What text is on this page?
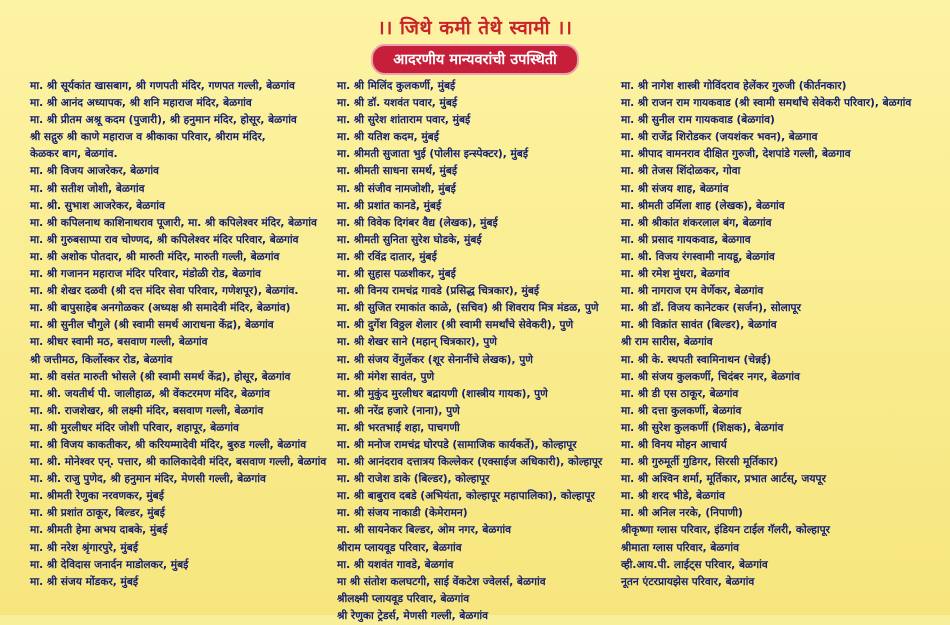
।। जिथे कमी तेथे स्वामी ।।
आदरणीय मान्यवरांची उपस्थिती
मा. श्री सूर्यकांत खासबाग, श्री गणपती मंदिर, गणपत गल्ली, बेळगांव
मा. श्री आनंद अध्यापक, श्री शनि महाराज मंदिर, बेळगांव
मा. श्री प्रीतम अश्रू कदम (पुजारी), श्री हनुमान मंदिर, होसूर, बेळगांव
श्री सद्गुरु श्री काणे महाराज व श्रीकाका परिवार, श्रीराम मंदिर,
केळकर बाग, बेळगांव.
मा. श्री विजय आजरेकर, बेळगांव
मा. श्री सतीश जोशी, बेळगांव
मा. श्री. सुभाश आजरेकर, बेळगांव
मा. श्री कपिलनाथ काशिनाथराव पूजारी, मा. श्री कपिलेश्वर मंदिर, बेळगांव
मा. श्री गुरुबसाप्पा राव चोण्णद, श्री कपिलेश्वर मंदिर परिवार, बेळगांव
मा. श्री अशोक पोतदार, श्री मारुती मंदिर, मारुती गल्ली, बेळगांव
मा. श्री गजानन महाराज मंदिर परिवार, मंडोळी रोड, बेळगांव
मा. श्री शेखर दळवी (श्री दत्त मंदिर सेवा परिवार, गणेशपूर), बेळगांव.
मा. श्री बापुसाहेब अनगोळकर (अध्यक्ष श्री समादेवी मंदिर, बेळगांव)
मा. श्री सुनील चौगुले (श्री स्वामी समर्थ आराधना केंद्र), बेळगांव
मा. श्रीधर स्वामी मठ, बसवाण गल्ली, बेळगांव
श्री जत्तीमठ, किर्लोस्कर रोड, बेळगांव
मा. श्री वसंत मारुती भोसले (श्री स्वामी समर्थ केंद्र), होसूर, बेळगांव
मा. श्री. जयतीर्थ पी. जालीहाळ, श्री वेंकटरमण मंदिर, बेळगांव
मा. श्री. राजशेखर, श्री लक्ष्मी मंदिर, बसवाण गल्ली, बेळगांव
मा. श्री मुरलीधर मंदिर जोशी परिवार, शहापूर, बेळगांव
मा. श्री विजय काकतीकर, श्री करियम्मादेवी मंदिर, बुरुड गल्ली, बेळगांव
मा. श्री. मोनेश्वर एन्. पत्तार, श्री कालिकादेवी मंदिर, बसवाण गल्ली, बेळगांव
मा. श्री. राजु पुणेद, श्री हनुमान मंदिर, मेणसी गल्ली, बेळगांव
मा. श्रीमती रेणुका नरवणकर, मुंबई
मा. श्री प्रशांत ठाकूर, बिल्डर, मुंबई
मा. श्रीमती हेमा अभय दाबके, मुंबई
मा. श्री नरेश श्रृंगारपुरे, मुंबई
मा. श्री देविदास जनार्दन माडोलकर, मुंबई
मा. श्री संजय मोंडकर, मुंबई
मा. श्री मिलिंद कुलकर्णी, मुंबई
मा. श्री डॉ. यशवंत पवार, मुंबई
मा. श्री सुरेश शांताराम पवार, मुंबई
मा. श्री यतिश कदम, मुंबई
मा. श्रीमती सुजाता भुई (पोलीस इन्स्पेक्टर), मुंबई
मा. श्रीमती साधना समर्थ, मुंबई
मा. श्री संजीव नामजोशी, मुंबई
मा. श्री प्रशांत कानडे, मुंबई
मा. श्री विवेक दिगंबर वैद्य (लेखक), मुंबई
मा. श्रीमती सुनिता सुरेश घोडके, मुंबई
मा. श्री रविंद्र दातार, मुंबई
मा. श्री सुहास पळशीकर, मुंबई
मा. श्री विनय रामचंद्र गावडे (प्रसिद्ध चित्रकार), मुंबई
मा. श्री सुजित रमाकांत काळे, (सचिव) श्री शिवराय मित्र मंडळ, पुणे
मा. श्री दुर्गेश विठ्ठल शेलार (श्री स्वामी समर्थांचे सेवेकरी), पुणे
मा. श्री शेखर साने (महान् चित्रकार), पुणे
मा. श्री संजय वेंगुर्लेकर (शूर सेनानींचे लेखक), पुणे
मा. श्री मंगेश सावंत, पुणे
मा. श्री मुकुंद मुरलीधर बद्रायणी (शास्त्रीय गायक), पुणे
मा. श्री नरेंद्र हजारे (नाना), पुणे
मा. श्री भरतभाई शहा, पाचगणी
मा. श्री मनोज रामचंद्र घोरपडे (सामाजिक कार्यकर्ते), कोल्हापूर
मा. श्री आनंदराव दत्तात्रय किल्लेकर (एक्साईज अधिकारी), कोल्हापूर
मा. श्री राजेश डाके (बिल्डर), कोल्हापूर
मा. श्री बाबुराव दबडे (अभियंता, कोल्हापूर महापालिका), कोल्हापूर
मा. श्री संजय नाकाडी (केमेरामन)
मा. श्री सायनेकर बिल्डर, ओम नगर, बेळगांव
श्रीराम प्लायवूड परिवार, बेळगांव
मा. श्री यशवंत गावडे, बेळगांव
मा श्री संतोश कलघटगी, साई वेंकटेश ज्वेलर्स, बेळगांव
श्रीलक्ष्मी प्लायवूड परिवार, बेळगांव
श्री रेणुका ट्रेडर्स, मेणसी गल्ली, बेळगांव
मा. श्री नागेश शास्त्री गोविंदराव हेलेंकर गुरुजी (कीर्तनकार)
मा. श्री राजन राम गायकवाड (श्री स्वामी समर्थांचे सेवेकरी परिवार), बेळगांव
मा. श्री सुनील राम गायकवाड (बेळगांव)
मा. श्री राजेंद्र शिरोडकर (जयशंकर भवन), बेळगाव
मा. श्रीपाद वामनराव दीक्षित गुरुजी, देशपांडे गल्ली, बेळगाव
मा. श्री तेजस शिंदोळकर, गोवा
मा. श्री संजय शाह, बेळगांव
मा. श्रीमती उर्मिला शाह (लेखक), बेळगांव
मा. श्री श्रीकांत शंकरलाल बंग, बेळगांव
मा. श्री प्रसाद गायकवाड, बेळगाव
मा. श्री. विजय रंगस्वामी नायडू, बेळगांव
मा. श्री रमेश मुंधरा, बेळगांव
मा. श्री नागराज एम वेर्णेकर, बेळगांव
मा. श्री डॉ. विजय कानेटकर (सर्जन), सोलापूर
मा. श्री विक्रांत सावंत (बिल्डर), बेळगांव
श्री राम सारीस, बेळगांव
मा. श्री के. स्थपती स्वामिनाथन (चेन्नई)
मा. श्री संजय कुलकर्णी, चिदंबर नगर, बेळगांव
मा. श्री डी एस ठाकूर, बेळगांव
मा. श्री दत्ता कुलकर्णी, बेळगांव
मा. श्री सुरेश कुलकर्णी (शिक्षक), बेळगांव
मा. श्री विनय मोहन आचार्य
मा. श्री गुरुमूर्ती गुडिगर, सिरसी मूर्तिकार)
मा. श्री अश्विन शर्मा, मूर्तिकार, प्रभात आर्टस्, जयपूर
मा. श्री शरद भीडे, बेळगांव
मा. श्री अनिल नरके, (निपाणी)
श्रीकृष्णा ग्लास परिवार, इंडियन टाईल गॅलरी, कोल्हापूर
श्रीमाता ग्लास परिवार, बेळगांव
व्ही.आय.पी. लाईट्स परिवार, बेळगांव
नूतन एंटरप्रायझेस परिवार, बेळगांव
